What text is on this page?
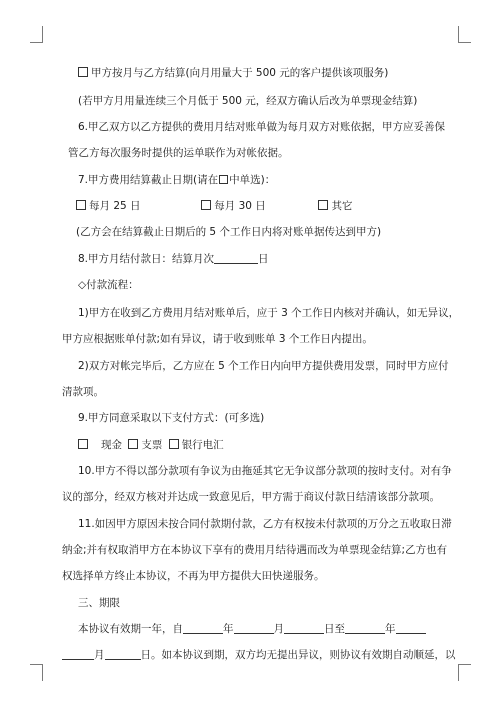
甲方按月与乙方结算(向月用量大于 500 元的客户提供该项服务)
(若甲方月用量连续三个月低于 500 元，经双方确认后改为单票现金结算)
6.甲乙双方以乙方提供的费用月结对账单做为每月双方对账依据，甲方应妥善保
管乙方每次服务时提供的运单联作为对帐依据。
7.甲方费用结算截止日期(请在 中单选)：
每月 25 日	每月 30 日	其它
(乙方会在结算截止日期后的 5 个工作日内将对账单据传达到甲方)
8.甲方月结付款日：结算月次	日
◇付款流程：
1)甲方在收到乙方费用月结对账单后，应于 3 个工作日内核对并确认，如无异议，
甲方应根据账单付款;如有异议，请于收到账单 3 个工作日内提出。
2)双方对帐完毕后，乙方应在 5 个工作日内向甲方提供费用发票，同时甲方应付
清款项。
9.甲方同意采取以下支付方式：(可多选)
现金 支票 银行电汇
10.甲方不得以部分款项有争议为由拖延其它无争议部分款项的按时支付。对有争
议的部分，经双方核对并达成一致意见后，甲方需于商议付款日结清该部分款项。
11.如因甲方原因未按合同付款期付款，乙方有权按未付款项的万分之五收取日滞
纳金;并有权取消甲方在本协议下享有的费用月结待遇而改为单票现金结算;乙方也有
权选择单方终止本协议，不再为甲方提供大田快递服务。
三、期限
本协议有效期一年，自	年	月	日至	年
月	日。如本协议到期，双方均无提出异议，则协议有效期自动顺延，以
